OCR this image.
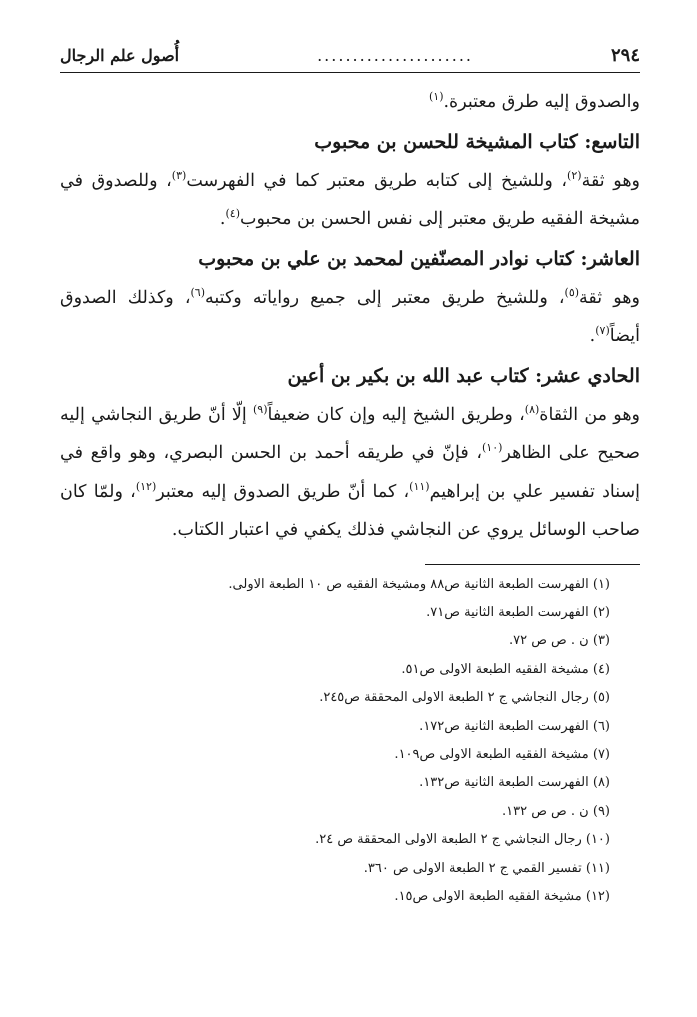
٢٩٤
......................
أُصول علم الرجال

والصدوق إليه طرق معتبرة.$^{(١)}$

التاسع: كتاب المشيخة للحسن بن محبوب

وهو ثقة$^{(٢)}$، وللشيخ إلى كتابه طريق معتبر كما في الفهرست$^{(٣)}$، وللصدوق في مشيخة الفقيه طريق معتبر إلى نفس الحسن بن محبوب$^{(٤)}$.

العاشر: كتاب نوادر المصنّفين لمحمد بن علي بن محبوب

وهو ثقة$^{(٥)}$، وللشيخ طريق معتبر إلى جميع رواياته وكتبه$^{(٦)}$، وكذلك الصدوق أيضاً$^{(٧)}$.

الحادي عشر: كتاب عبد الله بن بكير بن أعين

وهو من الثقاة$^{(٨)}$، وطريق الشيخ إليه وإن كان ضعيفاً$^{(٩)}$ إلّا أنّ طريق النجاشي إليه صحيح على الظاهر$^{(١٠)}$، فإنّ في طريقه أحمد بن الحسن البصري، وهو واقع في إسناد تفسير علي بن إبراهيم$^{(١١)}$، كما أنّ طريق الصدوق إليه معتبر$^{(١٢)}$، ولمّا كان صاحب الوسائل يروي عن النجاشي فذلك يكفي في اعتبار الكتاب.

(١) الفهرست الطبعة الثانية ص٨٨ ومشيخة الفقيه ص ١٠ الطبعة الاولى.
(٢) الفهرست الطبعة الثانية ص٧١.
(٣) ن . ص ص ٧٢.
(٤) مشيخة الفقيه الطبعة الاولى ص٥١.
(٥) رجال النجاشي ج ٢ الطبعة الاولى المحققة ص٢٤٥.
(٦) الفهرست الطبعة الثانية ص١٧٢.
(٧) مشيخة الفقيه الطبعة الاولى ص١٠٩.
(٨) الفهرست الطبعة الثانية ص١٣٢.
(٩) ن . ص ص ١٣٢.
(١٠) رجال النجاشي ج ٢ الطبعة الاولى المحققة ص ٢٤.
(١١) تفسير القمي ج ٢ الطبعة الاولى ص ٣٦٠.
(١٢) مشيخة الفقيه الطبعة الاولى ص١٥.
